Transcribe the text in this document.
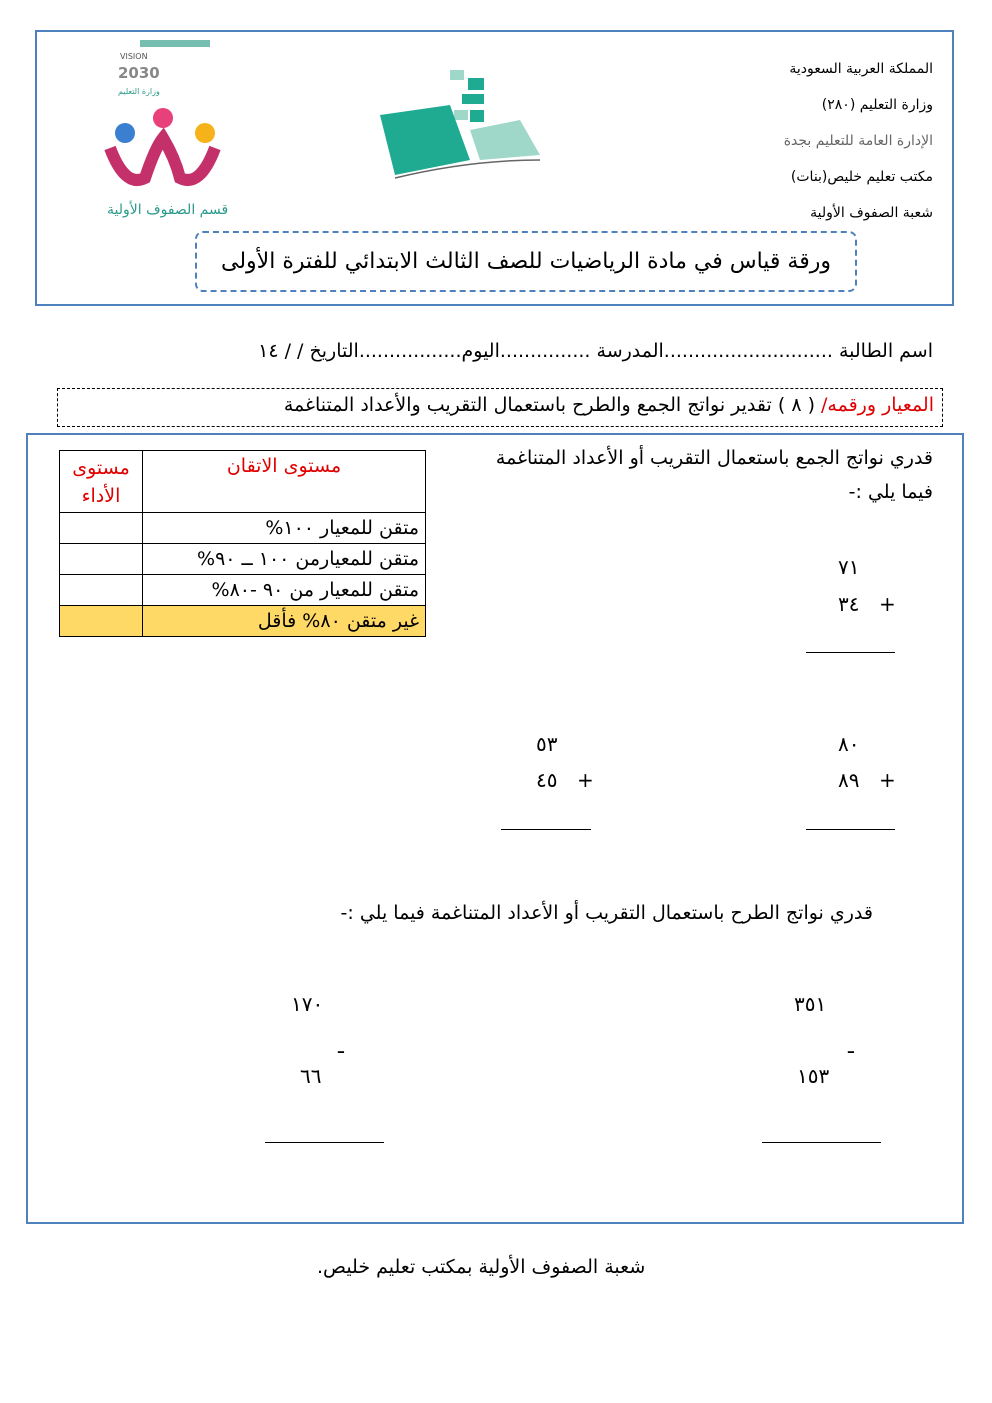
المملكة العربية السعودية
وزارة التعليم (٢٨٠)
الإدارة العامة للتعليم بجدة
مكتب تعليم خليص(بنات)
شعبة الصفوف الأولية
VISION
2030
وزارة التعليم
قسم الصفوف الأولية
ورقة قياس في مادة الرياضيات للصف الثالث الابتدائي للفترة الأولى
اسم الطالبة ............................المدرسة ...............اليوم.................التاريخ / / ١٤
المعيار ورقمه/ ( ٨ ) تقدير نواتج الجمع والطرح باستعمال التقريب والأعداد المتناغمة
مستوى الاتقان	مستوى الأداء
متقن للمعيار ١٠٠%	
متقن للمعيارمن ١٠٠ ــ ٩٠%	
متقن للمعيار من ٩٠ -٨٠%	
غير متقن ٨٠% فأقل	
قدري نواتج الجمع باستعمال التقريب أو الأعداد المتناغمة
فيما يلي :-
٧١
٣٤ +
٨٠
٨٩ +
٥٣
٤٥ +
قدري نواتج الطرح باستعمال التقريب أو الأعداد المتناغمة فيما يلي :-
٣٥١
ـ
١٥٣
١٧٠
ـ
٦٦
شعبة الصفوف الأولية بمكتب تعليم خليص.
